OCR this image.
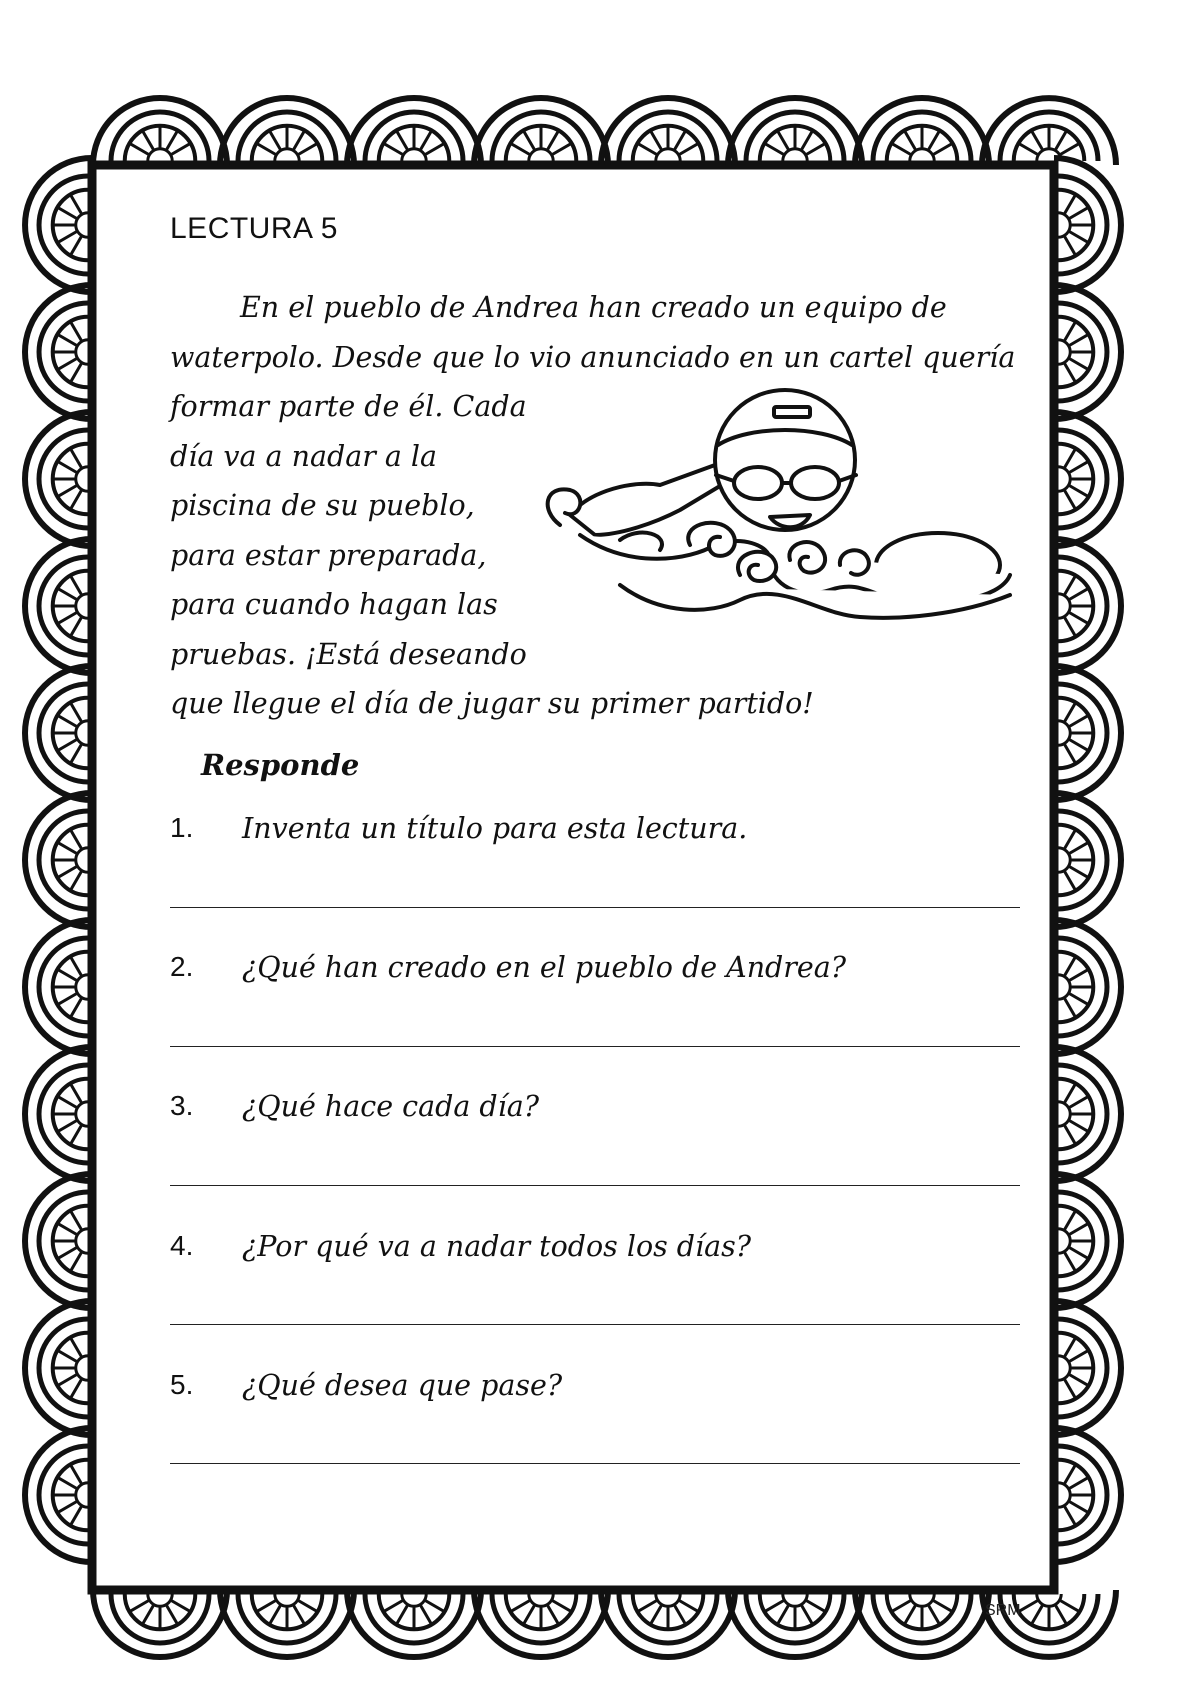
LECTURA 5
En el pueblo de Andrea han creado un equipo de
waterpolo. Desde que lo vio anunciado en un cartel quería
formar parte de él. Cada
día va a nadar a la
piscina de su pueblo,
para estar preparada,
para cuando hagan las
pruebas. ¡Está deseando
que llegue el día de jugar su primer partido!
Responde
1. Inventa un título para esta lectura.
2. ¿Qué han creado en el pueblo de Andrea?
3. ¿Qué hace cada día?
4. ¿Por qué va a nadar todos los días?
5. ¿Qué desea que pase?
SRM
